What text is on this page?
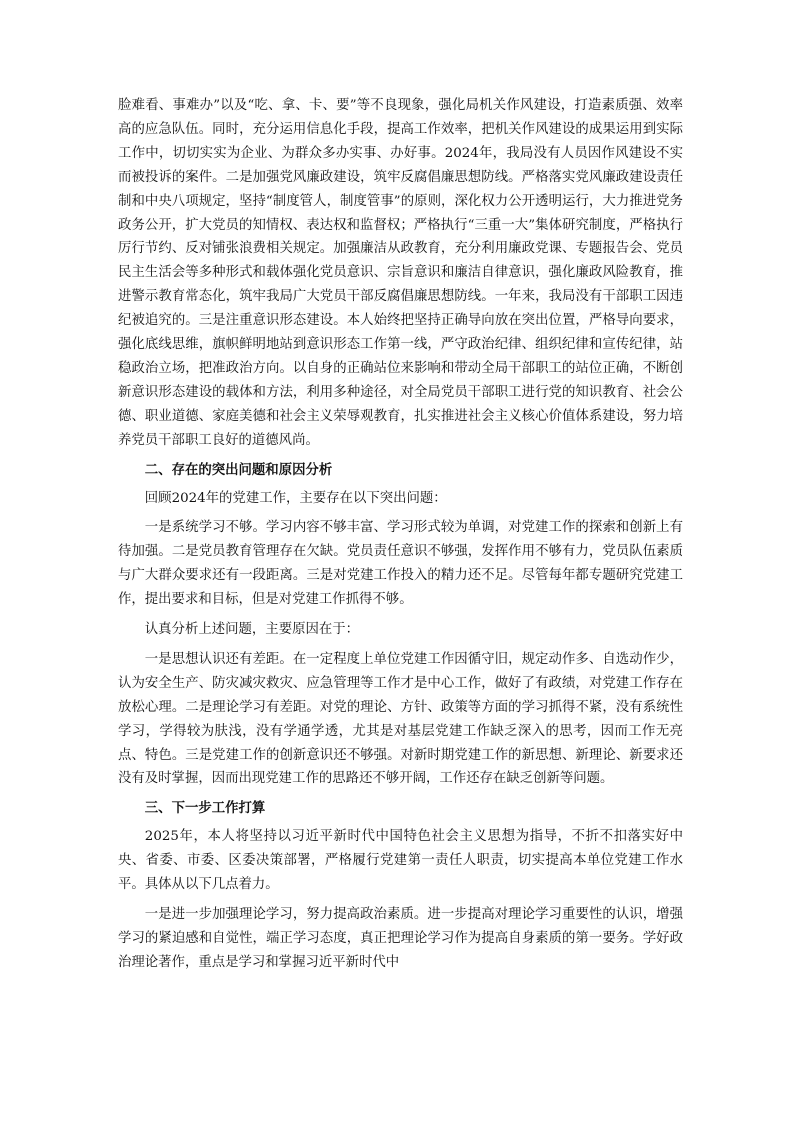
脸难看、事难办”以及“吃、拿、卡、要”等不良现象，强化局机关作风建设，打造素质强、效率高的应急队伍。同时，充分运用信息化手段，提高工作效率，把机关作风建设的成果运用到实际工作中，切切实实为企业、为群众多办实事、办好事。2024年，我局没有人员因作风建设不实而被投诉的案件。二是加强党风廉政建设，筑牢反腐倡廉思想防线。严格落实党风廉政建设责任制和中央八项规定，坚持“制度管人，制度管事”的原则，深化权力公开透明运行，大力推进党务政务公开，扩大党员的知情权、表达权和监督权；严格执行“三重一大”集体研究制度，严格执行厉行节约、反对铺张浪费相关规定。加强廉洁从政教育，充分利用廉政党课、专题报告会、党员民主生活会等多种形式和载体强化党员意识、宗旨意识和廉洁自律意识，强化廉政风险教育，推进警示教育常态化，筑牢我局广大党员干部反腐倡廉思想防线。一年来，我局没有干部职工因违纪被追究的。三是注重意识形态建设。本人始终把坚持正确导向放在突出位置，严格导向要求，强化底线思维，旗帜鲜明地站到意识形态工作第一线，严守政治纪律、组织纪律和宣传纪律，站稳政治立场，把准政治方向。以自身的正确站位来影响和带动全局干部职工的站位正确，不断创新意识形态建设的载体和方法，利用多种途径，对全局党员干部职工进行党的知识教育、社会公德、职业道德、家庭美德和社会主义荣辱观教育，扎实推进社会主义核心价值体系建设，努力培养党员干部职工良好的道德风尚。

二、存在的突出问题和原因分析

回顾2024年的党建工作，主要存在以下突出问题：

一是系统学习不够。学习内容不够丰富、学习形式较为单调，对党建工作的探索和创新上有待加强。二是党员教育管理存在欠缺。党员责任意识不够强，发挥作用不够有力，党员队伍素质与广大群众要求还有一段距离。三是对党建工作投入的精力还不足。尽管每年都专题研究党建工作，提出要求和目标，但是对党建工作抓得不够。

认真分析上述问题，主要原因在于：

一是思想认识还有差距。在一定程度上单位党建工作因循守旧，规定动作多、自选动作少，认为安全生产、防灾减灾救灾、应急管理等工作才是中心工作，做好了有政绩，对党建工作存在放松心理。二是理论学习有差距。对党的理论、方针、政策等方面的学习抓得不紧，没有系统性学习，学得较为肤浅，没有学通学透，尤其是对基层党建工作缺乏深入的思考，因而工作无亮点、特色。三是党建工作的创新意识还不够强。对新时期党建工作的新思想、新理论、新要求还没有及时掌握，因而出现党建工作的思路还不够开阔，工作还存在缺乏创新等问题。

三、下一步工作打算

2025年，本人将坚持以习近平新时代中国特色社会主义思想为指导，不折不扣落实好中央、省委、市委、区委决策部署，严格履行党建第一责任人职责，切实提高本单位党建工作水平。具体从以下几点着力。

一是进一步加强理论学习，努力提高政治素质。进一步提高对理论学习重要性的认识，增强学习的紧迫感和自觉性，端正学习态度，真正把理论学习作为提高自身素质的第一要务。学好政治理论著作，重点是学习和掌握习近平新时代中
